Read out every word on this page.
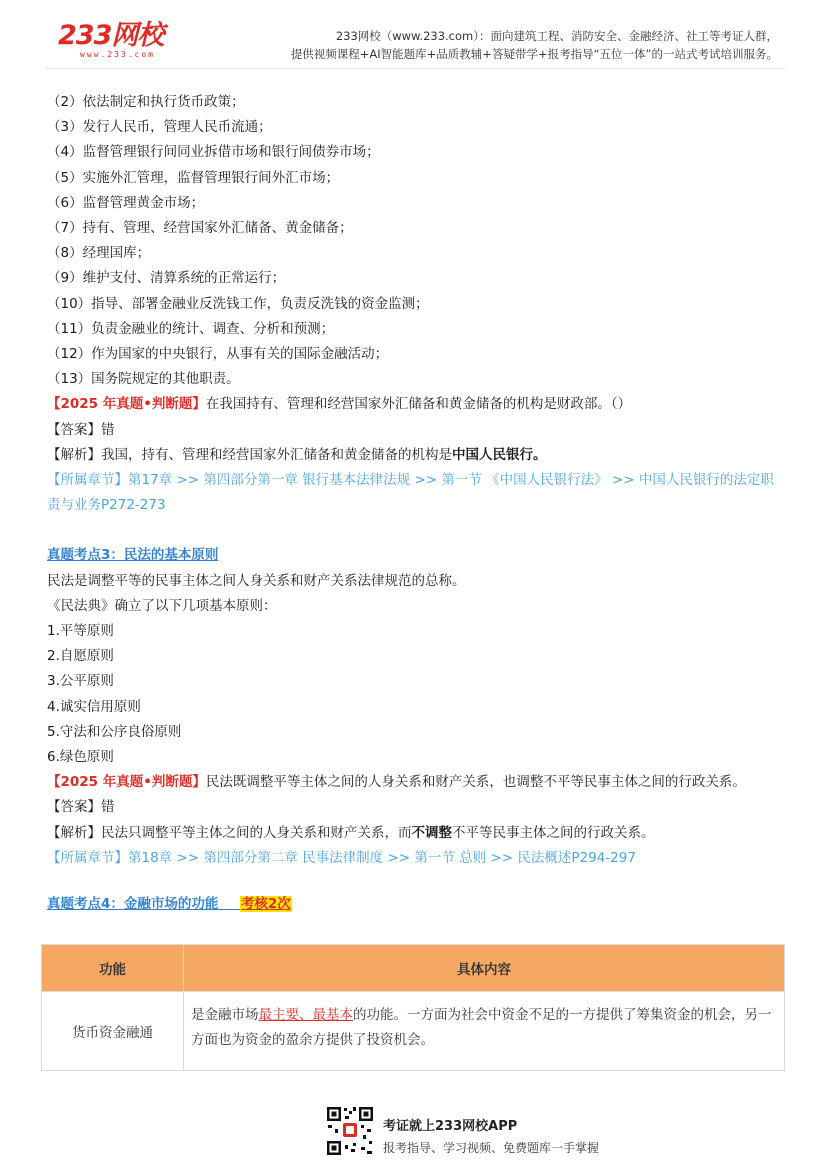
233网校
www.233.com
233网校（www.233.com）：面向建筑工程、消防安全、金融经济、社工等考证人群，
提供视频课程+AI智能题库+品质教辅+答疑带学+报考指导“五位一体”的一站式考试培训服务。
（2）依法制定和执行货币政策；
（3）发行人民币，管理人民币流通；
（4）监督管理银行间同业拆借市场和银行间债券市场；
（5）实施外汇管理，监督管理银行间外汇市场；
（6）监督管理黄金市场；
（7）持有、管理、经营国家外汇储备、黄金储备；
（8）经理国库；
（9）维护支付、清算系统的正常运行；
（10）指导、部署金融业反洗钱工作，负责反洗钱的资金监测；
（11）负责金融业的统计、调查、分析和预测；
（12）作为国家的中央银行，从事有关的国际金融活动；
（13）国务院规定的其他职责。
【2025 年真题•判断题】在我国持有、管理和经营国家外汇储备和黄金储备的机构是财政部。（）
【答案】错
【解析】我国，持有、管理和经营国家外汇储备和黄金储备的机构是中国人民银行。
【所属章节】第17章 >> 第四部分第一章 银行基本法律法规 >> 第一节 《中国人民银行法》 >> 中国人民银行的法定职责与业务P272-273
真题考点3：民法的基本原则
民法是调整平等的民事主体之间人身关系和财产关系法律规范的总称。
《民法典》确立了以下几项基本原则：
1.平等原则
2.自愿原则
3.公平原则
4.诚实信用原则
5.守法和公序良俗原则
6.绿色原则
【2025 年真题•判断题】民法既调整平等主体之间的人身关系和财产关系，也调整不平等民事主体之间的行政关系。
【答案】错
【解析】民法只调整平等主体之间的人身关系和财产关系，而不调整不平等民事主体之间的行政关系。
【所属章节】第18章 >> 第四部分第二章 民事法律制度 >> 第一节 总则 >> 民法概述P294-297
真题考点4：金融市场的功能 考核2次
功能	具体内容
货币资金融通	是金融市场最主要、最基本的功能。一方面为社会中资金不足的一方提供了筹集资金的机会，另一方面也为资金的盈余方提供了投资机会。
考证就上233网校APP
报考指导、学习视频、免费题库一手掌握
